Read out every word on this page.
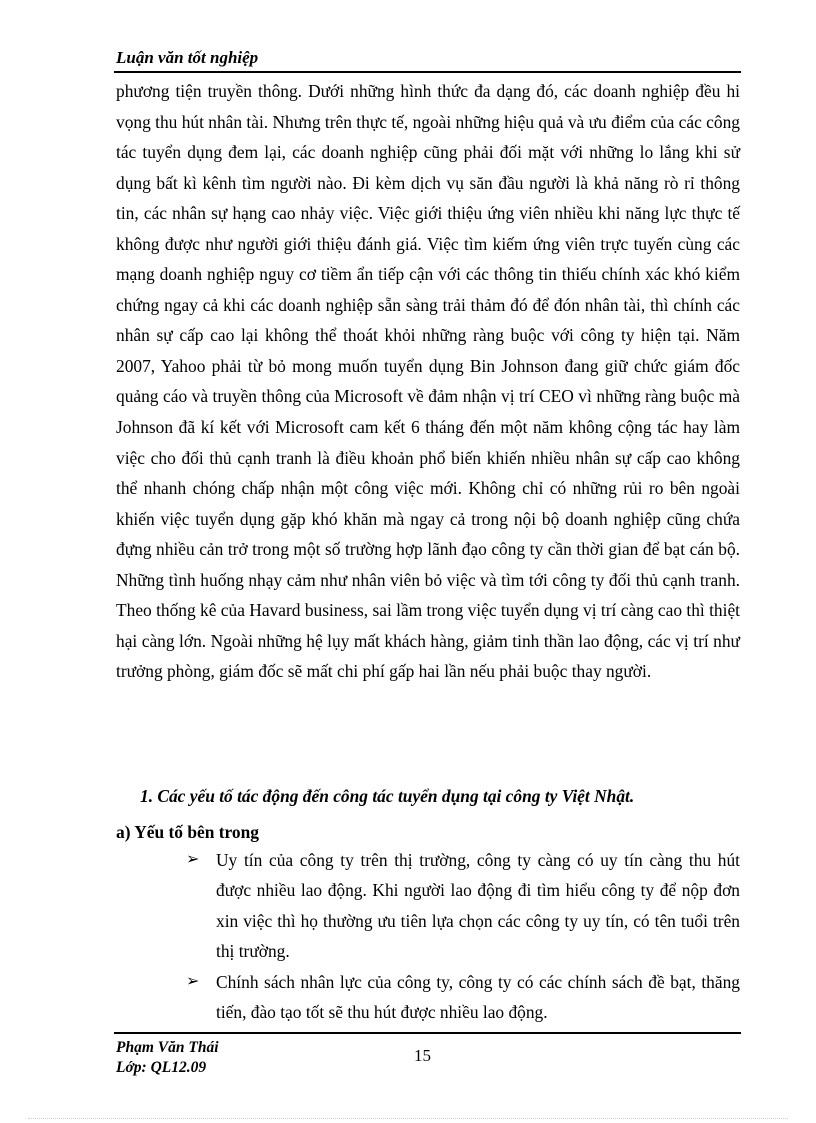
Luận văn tốt nghiệp

phương tiện truyền thông. Dưới những hình thức đa dạng đó, các doanh nghiệp đều hi vọng thu hút nhân tài. Nhưng trên thực tế, ngoài những hiệu quả và ưu điểm của các công tác tuyển dụng đem lại, các doanh nghiệp cũng phải đối mặt với những lo lắng khi sử dụng bất kì kênh tìm người nào. Đi kèm dịch vụ săn đầu người là khả năng rò rỉ thông tin, các nhân sự hạng cao nhảy việc. Việc giới thiệu ứng viên nhiều khi năng lực thực tế không được như người giới thiệu đánh giá. Việc tìm kiếm ứng viên trực tuyến cùng các mạng doanh nghiệp nguy cơ tiềm ẩn tiếp cận với các thông tin thiếu chính xác khó kiểm chứng ngay cả khi các doanh nghiệp sẵn sàng trải thảm đó để đón nhân tài, thì chính các nhân sự cấp cao lại không thể thoát khỏi những ràng buộc với công ty hiện tại. Năm 2007, Yahoo phải từ bỏ mong muốn tuyển dụng Bin Johnson đang giữ chức giám đốc quảng cáo và truyền thông của Microsoft về đảm nhận vị trí CEO vì những ràng buộc mà Johnson đã kí kết với Microsoft cam kết 6 tháng đến một năm không cộng tác hay làm việc cho đối thủ cạnh tranh là điều khoản phổ biến khiến nhiều nhân sự cấp cao không thể nhanh chóng chấp nhận một công việc mới. Không chỉ có những rủi ro bên ngoài khiến việc tuyển dụng gặp khó khăn mà ngay cả trong nội bộ doanh nghiệp cũng chứa đựng nhiều cản trở trong một số trường hợp lãnh đạo công ty cần thời gian để bạt cán bộ. Những tình huống nhạy cảm như nhân viên bỏ việc và tìm tới công ty đối thủ cạnh tranh. Theo thống kê của Havard business, sai lầm trong việc tuyển dụng vị trí càng cao thì thiệt hại càng lớn. Ngoài những hệ lụy mất khách hàng, giảm tinh thần lao động, các vị trí như trưởng phòng, giám đốc sẽ mất chi phí gấp hai lần nếu phải buộc thay người.

1. Các yếu tố tác động đến công tác tuyển dụng tại công ty Việt Nhật.
a) Yếu tố bên trong
➢ Uy tín của công ty trên thị trường, công ty càng có uy tín càng thu hút được nhiều lao động. Khi người lao động đi tìm hiểu công ty để nộp đơn xin việc thì họ thường ưu tiên lựa chọn các công ty uy tín, có tên tuổi trên thị trường.
➢ Chính sách nhân lực của công ty, công ty có các chính sách đề bạt, thăng tiến, đào tạo tốt sẽ thu hút được nhiều lao động.
Phạm Văn Thái
Lớp: QL12.09
15
